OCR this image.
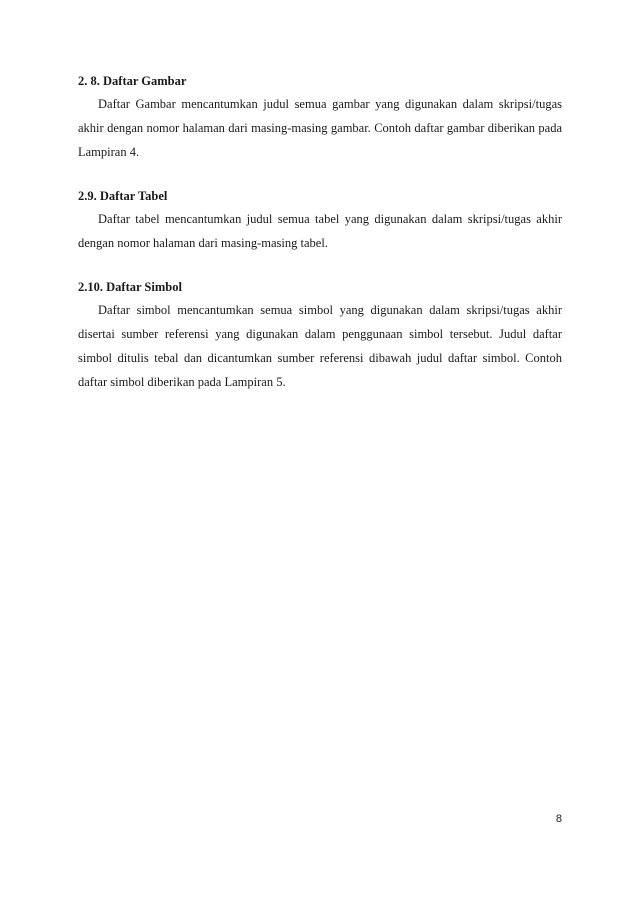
2. 8. Daftar Gambar

Daftar Gambar mencantumkan judul semua gambar yang digunakan dalam skripsi/tugas akhir dengan nomor halaman dari masing-masing gambar. Contoh daftar gambar diberikan pada Lampiran 4.

2.9. Daftar Tabel

Daftar tabel mencantumkan judul semua tabel yang digunakan dalam skripsi/tugas akhir dengan nomor halaman dari masing-masing tabel.

2.10. Daftar Simbol

Daftar simbol mencantumkan semua simbol yang digunakan dalam skripsi/tugas akhir disertai sumber referensi yang digunakan dalam penggunaan simbol tersebut. Judul daftar simbol ditulis tebal dan dicantumkan sumber referensi dibawah judul daftar simbol. Contoh daftar simbol diberikan pada Lampiran 5.

8
